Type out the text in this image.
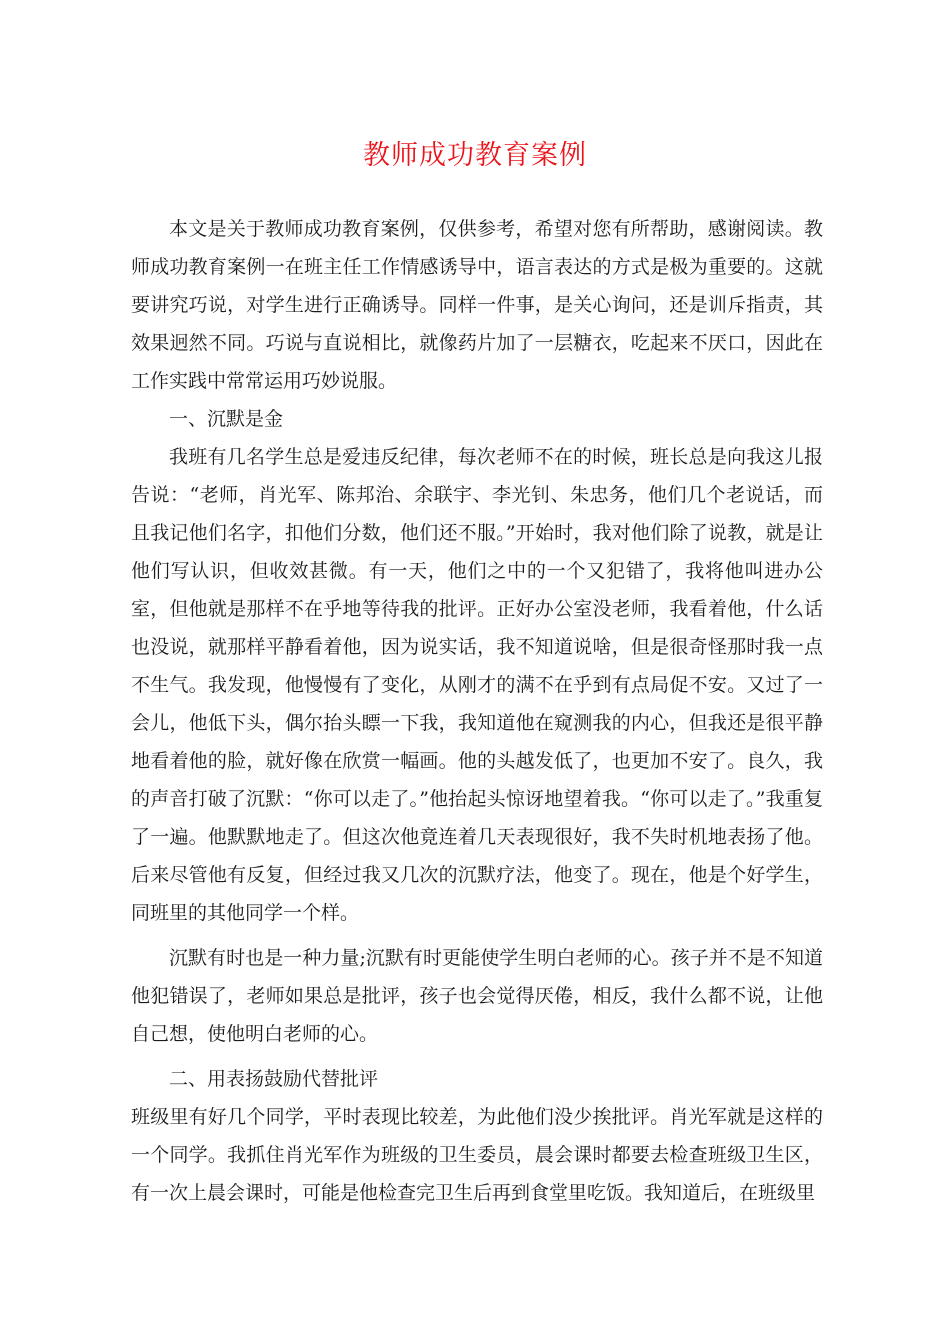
教师成功教育案例

本文是关于教师成功教育案例，仅供参考，希望对您有所帮助，感谢阅读。教师成功教育案例一在班主任工作情感诱导中，语言表达的方式是极为重要的。这就要讲究巧说，对学生进行正确诱导。同样一件事，是关心询问，还是训斥指责，其效果迥然不同。巧说与直说相比，就像药片加了一层糖衣，吃起来不厌口，因此在工作实践中常常运用巧妙说服。

一、沉默是金

我班有几名学生总是爱违反纪律，每次老师不在的时候，班长总是向我这儿报告说：“老师，肖光军、陈邦治、余联宇、李光钊、朱忠务，他们几个老说话，而且我记他们名字，扣他们分数，他们还不服。”开始时，我对他们除了说教，就是让他们写认识，但收效甚微。有一天，他们之中的一个又犯错了，我将他叫进办公室，但他就是那样不在乎地等待我的批评。正好办公室没老师，我看着他，什么话也没说，就那样平静看着他，因为说实话，我不知道说啥，但是很奇怪那时我一点不生气。我发现，他慢慢有了变化，从刚才的满不在乎到有点局促不安。又过了一会儿，他低下头，偶尔抬头瞟一下我，我知道他在窥测我的内心，但我还是很平静地看着他的脸，就好像在欣赏一幅画。他的头越发低了，也更加不安了。良久，我的声音打破了沉默：“你可以走了。”他抬起头惊讶地望着我。“你可以走了。”我重复了一遍。他默默地走了。但这次他竟连着几天表现很好，我不失时机地表扬了他。后来尽管他有反复，但经过我又几次的沉默疗法，他变了。现在，他是个好学生，同班里的其他同学一个样。

沉默有时也是一种力量;沉默有时更能使学生明白老师的心。孩子并不是不知道他犯错误了，老师如果总是批评，孩子也会觉得厌倦，相反，我什么都不说，让他自己想，使他明白老师的心。

二、用表扬鼓励代替批评

班级里有好几个同学，平时表现比较差，为此他们没少挨批评。肖光军就是这样的一个同学。我抓住肖光军作为班级的卫生委员，晨会课时都要去检查班级卫生区，有一次上晨会课时，可能是他检查完卫生后再到食堂里吃饭。我知道后，在班级里
